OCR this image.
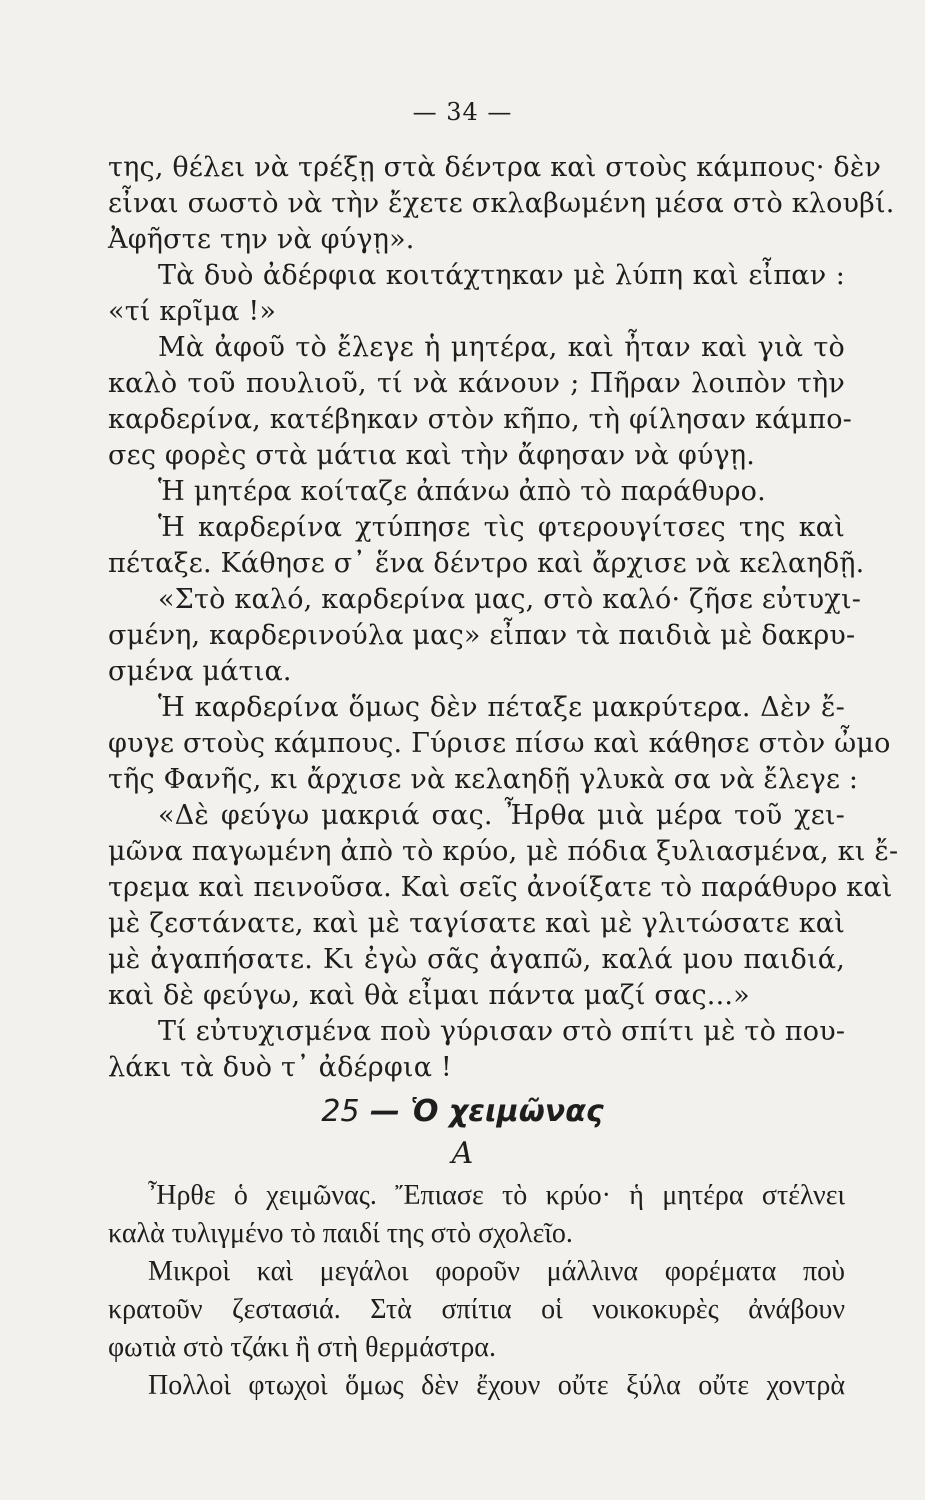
— 34 —
της, θέλει νὰ τρέξῃ στὰ δέντρα καὶ στοὺς κάμπους· δὲν
εἶναι σωστὸ νὰ τὴν ἔχετε σκλαβωμένη μέσα στὸ κλουβί.
Ἀφῆστε την νὰ φύγῃ».
Τὰ δυὸ ἀδέρφια κοιτάχτηκαν μὲ λύπη καὶ εἶπαν :
«τί κρῖμα !»
Μὰ ἀφοῦ τὸ ἔλεγε ἡ μητέρα, καὶ ἦταν καὶ γιὰ τὸ
καλὸ τοῦ πουλιοῦ, τί νὰ κάνουν ; Πῆραν λοιπὸν τὴν
καρδερίνα, κατέβηκαν στὸν κῆπο, τὴ φίλησαν κάμπο-
σες φορὲς στὰ μάτια καὶ τὴν ἄφησαν νὰ φύγῃ.
Ἡ μητέρα κοίταζε ἀπάνω ἀπὸ τὸ παράθυρο.
Ἡ καρδερίνα χτύπησε τὶς φτερουγίτσες της καὶ
πέταξε. Κάθησε σ᾽ ἕνα δέντρο καὶ ἄρχισε νὰ κελαηδῇ.
«Στὸ καλό, καρδερίνα μας, στὸ καλό· ζῆσε εὐτυχι-
σμένη, καρδερινούλα μας» εἶπαν τὰ παιδιὰ μὲ δακρυ-
σμένα μάτια.
Ἡ καρδερίνα ὅμως δὲν πέταξε μακρύτερα. Δὲν ἔ-
φυγε στοὺς κάμπους. Γύρισε πίσω καὶ κάθησε στὸν ὦμο
τῆς Φανῆς, κι ἄρχισε νὰ κελαηδῇ γλυκὰ σα νὰ ἔλεγε :
«Δὲ φεύγω μακριά σας. Ἦρθα μιὰ μέρα τοῦ χει-
μῶνα παγωμένη ἀπὸ τὸ κρύο, μὲ πόδια ξυλιασμένα, κι ἔ-
τρεμα καὶ πεινοῦσα. Καὶ σεῖς ἀνοίξατε τὸ παράθυρο καὶ
μὲ ζεστάνατε, καὶ μὲ ταγίσατε καὶ μὲ γλιτώσατε καὶ
μὲ ἀγαπήσατε. Κι ἐγὼ σᾶς ἀγαπῶ, καλά μου παιδιά,
καὶ δὲ φεύγω, καὶ θὰ εἶμαι πάντα μαζί σας...»
Τί εὐτυχισμένα ποὺ γύρισαν στὸ σπίτι μὲ τὸ που-
λάκι τὰ δυὸ τ᾽ ἀδέρφια !
25 — Ὁ χειμῶνας
Α
Ἦρθε ὁ χειμῶνας. Ἔπιασε τὸ κρύο· ἡ μητέρα στέλνει
καλὰ τυλιγμένο τὸ παιδί της στὸ σχολεῖο.
Μικροὶ καὶ μεγάλοι φοροῦν μάλλινα φορέματα ποὺ
κρατοῦν ζεστασιά. Στὰ σπίτια οἱ νοικοκυρὲς ἀνάβουν
φωτιὰ στὸ τζάκι ἢ στὴ θερμάστρα.
Πολλοὶ φτωχοὶ ὅμως δὲν ἔχουν οὔτε ξύλα οὔτε χοντρὰ
